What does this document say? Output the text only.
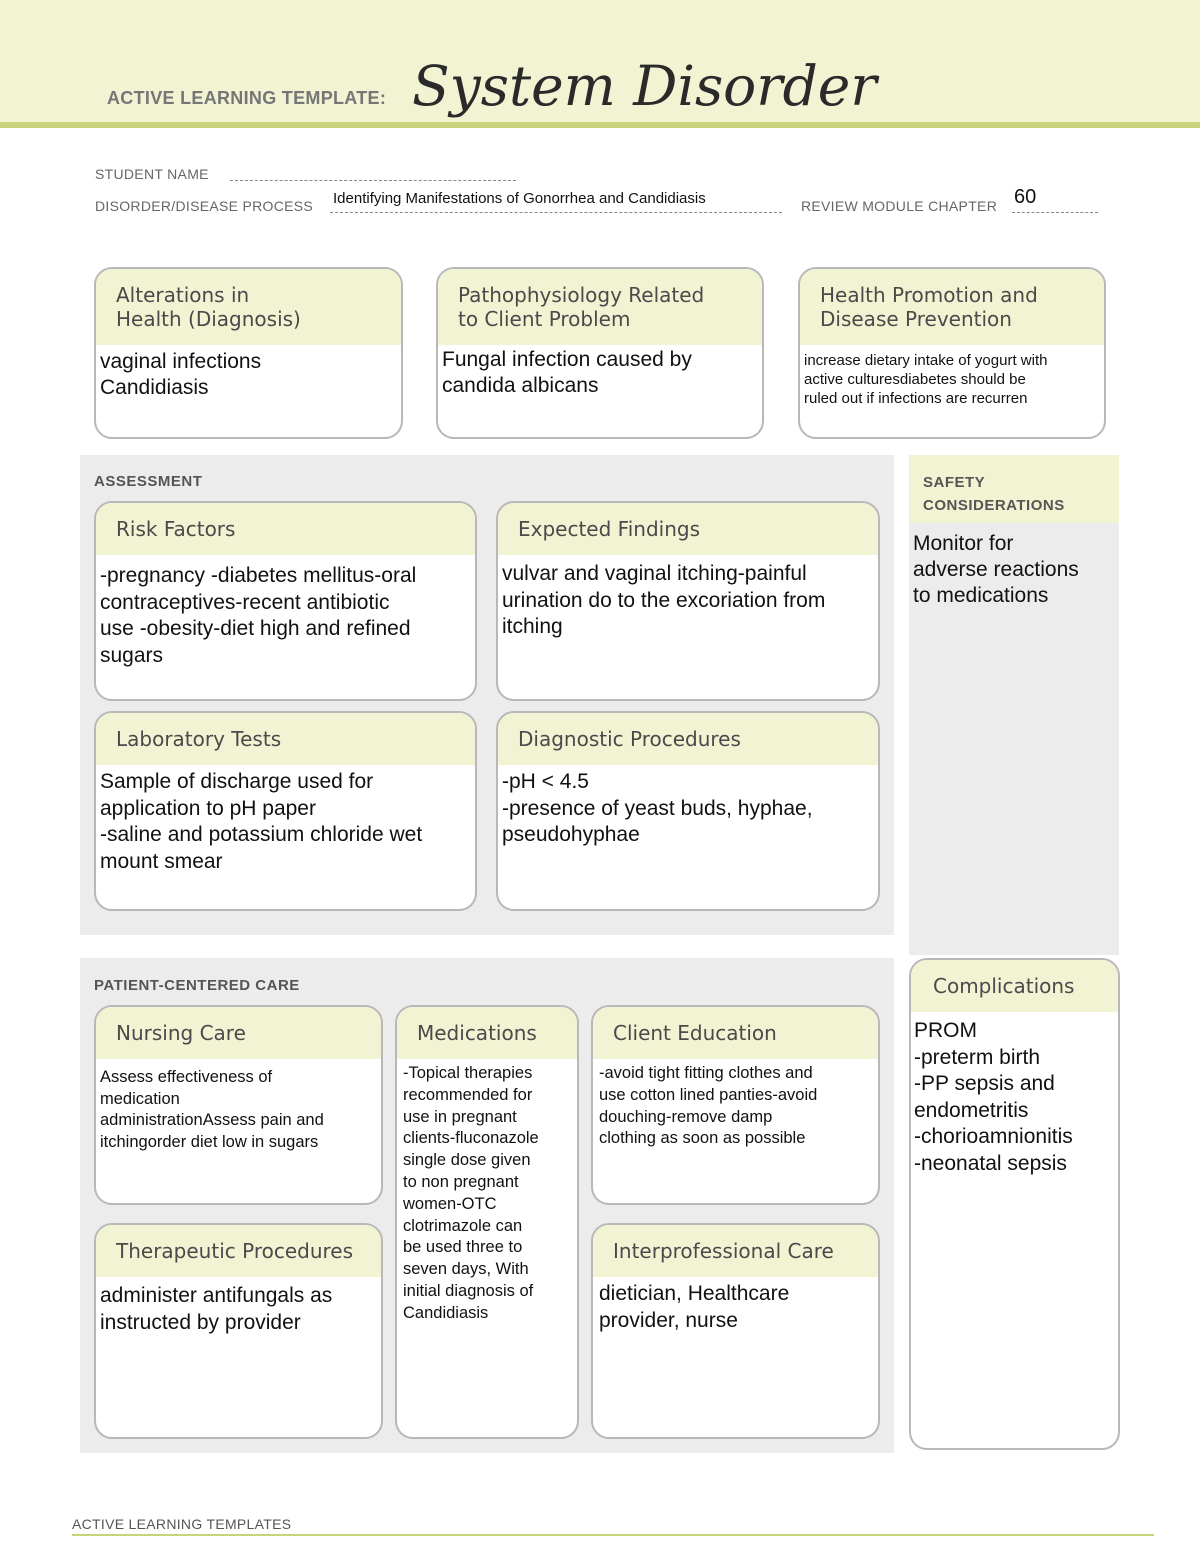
ACTIVE LEARNING TEMPLATE: System Disorder
STUDENT NAME
DISORDER/DISEASE PROCESS Identifying Manifestations of Gonorrhea and Candidiasis	REVIEW MODULE CHAPTER 60
Alterations in
Health (Diagnosis)
vaginal infections
Candidiasis
Pathophysiology Related
to Client Problem
Fungal infection caused by
candida albicans
Health Promotion and
Disease Prevention
increase dietary intake of yogurt with
active culturesdiabetes should be
ruled out if infections are recurren
ASSESSMENT
Risk Factors
-pregnancy -diabetes mellitus-oral
contraceptives-recent antibiotic
use -obesity-diet high and refined
sugars
Expected Findings
vulvar and vaginal itching-painful
urination do to the excoriation from
itching
Laboratory Tests
Sample of discharge used for
application to pH paper
-saline and potassium chloride wet
mount smear
Diagnostic Procedures
-pH < 4.5
-presence of yeast buds, hyphae,
pseudohyphae
SAFETY
CONSIDERATIONS
Monitor for
adverse reactions
to medications
PATIENT-CENTERED CARE
Nursing Care
Assess effectiveness of
medication
administrationAssess pain and
itchingorder diet low in sugars
Medications
-Topical therapies
recommended for
use in pregnant
clients-fluconazole
single dose given
to non pregnant
women-OTC
clotrimazole can
be used three to
seven days, With
initial diagnosis of
Candidiasis
Client Education
-avoid tight fitting clothes and
use cotton lined panties-avoid
douching-remove damp
clothing as soon as possible
Therapeutic Procedures
administer antifungals as
instructed by provider
Interprofessional Care
dietician, Healthcare
provider, nurse
Complications
PROM
-preterm birth
-PP sepsis and
endometritis
-chorioamnionitis
-neonatal sepsis
ACTIVE LEARNING TEMPLATES
